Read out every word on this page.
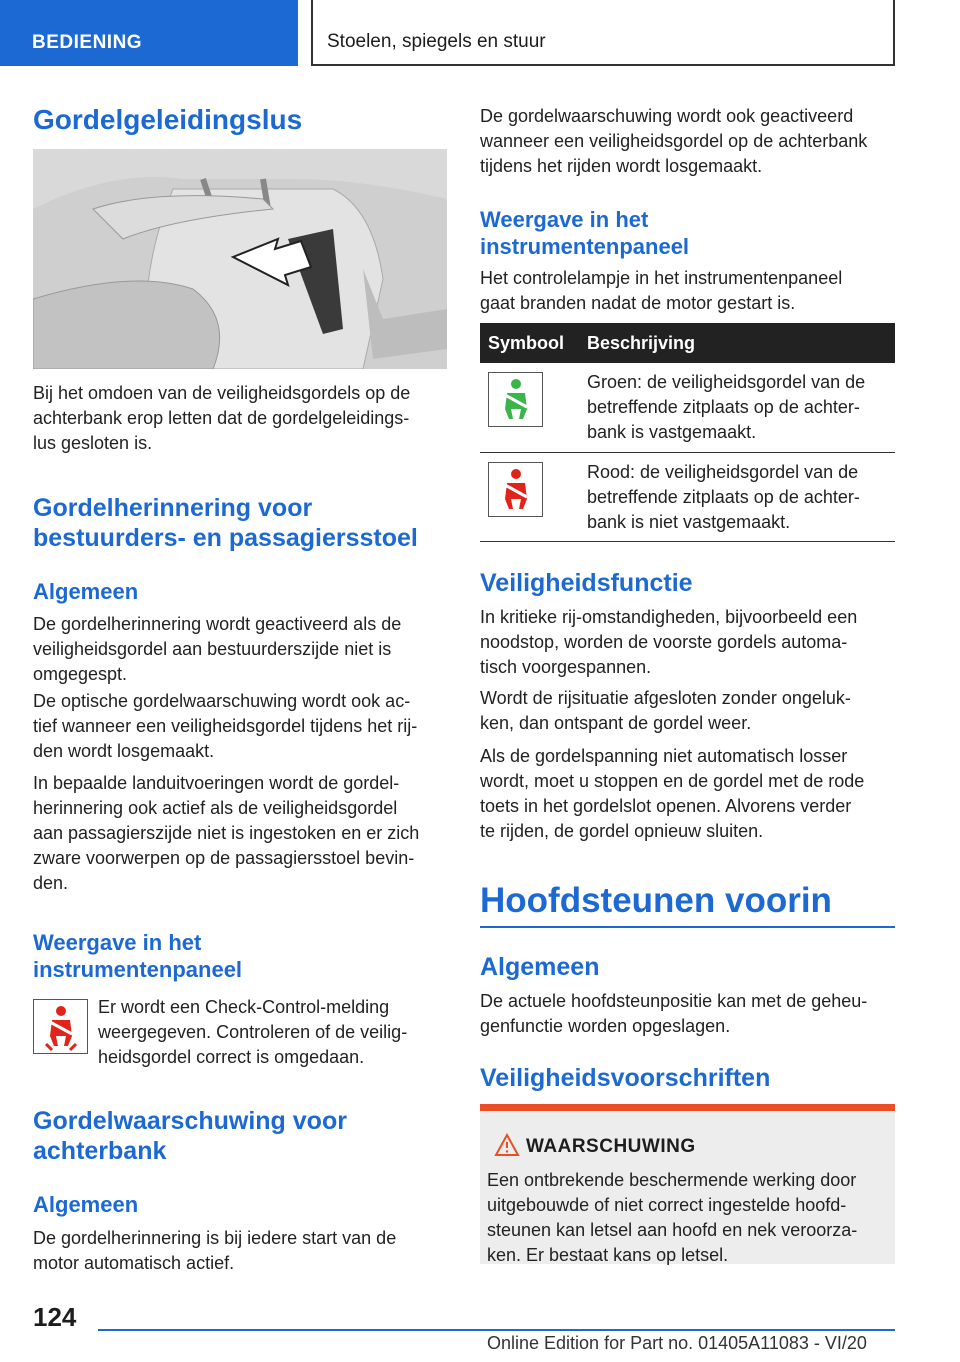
BEDIENING	Stoelen, spiegels en stuur
Gordelgeleidingslus

Bij het omdoen van de veiligheidsgordels op de
achterbank erop letten dat de gordelgeleidings-
lus gesloten is.

Gordelherinnering voor
bestuurders- en passagiersstoel
Algemeen

De gordelherinnering wordt geactiveerd als de
veiligheidsgordel aan bestuurderszijde niet is
omgegespt.

De optische gordelwaarschuwing wordt ook ac-
tief wanneer een veiligheidsgordel tijdens het rij-
den wordt losgemaakt.

In bepaalde landuitvoeringen wordt de gordel-
herinnering ook actief als de veiligheidsgordel
aan passagierszijde niet is ingestoken en er zich
zware voorwerpen op de passagiersstoel bevin-
den.

Weergave in het
instrumentenpaneel

Er wordt een Check-Control-melding
weergegeven. Controleren of de veilig-
heidsgordel correct is omgedaan.

Gordelwaarschuwing voor
achterbank
Algemeen

De gordelherinnering is bij iedere start van de
motor automatisch actief.

De gordelwaarschuwing wordt ook geactiveerd
wanneer een veiligheidsgordel op de achterbank
tijdens het rijden wordt losgemaakt.

Weergave in het
instrumentenpaneel

Het controlelampje in het instrumentenpaneel
gaat branden nadat de motor gestart is.

Symbool Beschrijving

Groen: de veiligheidsgordel van de
betreffende zitplaats op de achter-
bank is vastgemaakt.

Rood: de veiligheidsgordel van de
betreffende zitplaats op de achter-
bank is niet vastgemaakt.

Veiligheidsfunctie

In kritieke rij-omstandigheden, bijvoorbeeld een
noodstop, worden de voorste gordels automa-
tisch voorgespannen.

Wordt de rijsituatie afgesloten zonder ongeluk-
ken, dan ontspant de gordel weer.

Als de gordelspanning niet automatisch losser
wordt, moet u stoppen en de gordel met de rode
toets in het gordelslot openen. Alvorens verder
te rijden, de gordel opnieuw sluiten.

Hoofdsteunen voorin
Algemeen

De actuele hoofdsteunpositie kan met de geheu-
genfunctie worden opgeslagen.

Veiligheidsvoorschriften
WAARSCHUWING

Een ontbrekende beschermende werking door
uitgebouwde of niet correct ingestelde hoofd-
steunen kan letsel aan hoofd en nek veroorza-
ken. Er bestaat kans op letsel.

124
Online Edition for Part no. 01405A11083 - VI/20
